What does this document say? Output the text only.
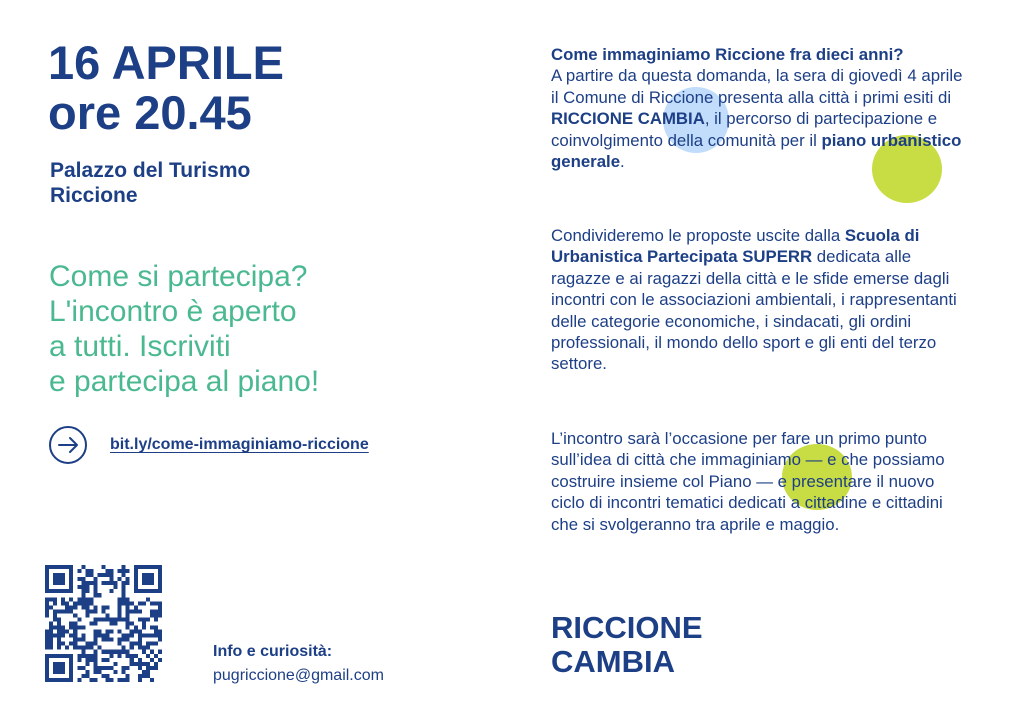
16 APRILE
ore 20.45
Palazzo del Turismo
Riccione
Come si partecipa?
L'incontro è aperto
a tutti. Iscriviti
e partecipa al piano!
bit.ly/come-immaginiamo-riccione
Info e curiosità:
pugriccione@gmail.com
Come immaginiamo Riccione fra dieci anni?
A partire da questa domanda, la sera di giovedì 4 aprile il Comune di Riccione presenta alla città i primi esiti di RICCIONE CAMBIA, il percorso di partecipazione e coinvolgimento della comunità per il piano urbanistico generale.
Condivideremo le proposte uscite dalla Scuola di Urbanistica Partecipata SUPERR dedicata alle ragazze e ai ragazzi della città e le sfide emerse dagli incontri con le associazioni ambientali, i rappresentanti delle categorie economiche, i sindacati, gli ordini professionali, il mondo dello sport e gli enti del terzo settore.
L’incontro sarà l’occasione per fare un primo punto sull’idea di città che immaginiamo — e che possiamo costruire insieme col Piano — e presentare il nuovo ciclo di incontri tematici dedicati a cittadine e cittadini che si svolgeranno tra aprile e maggio.
RICCIONE
CAMBIA
